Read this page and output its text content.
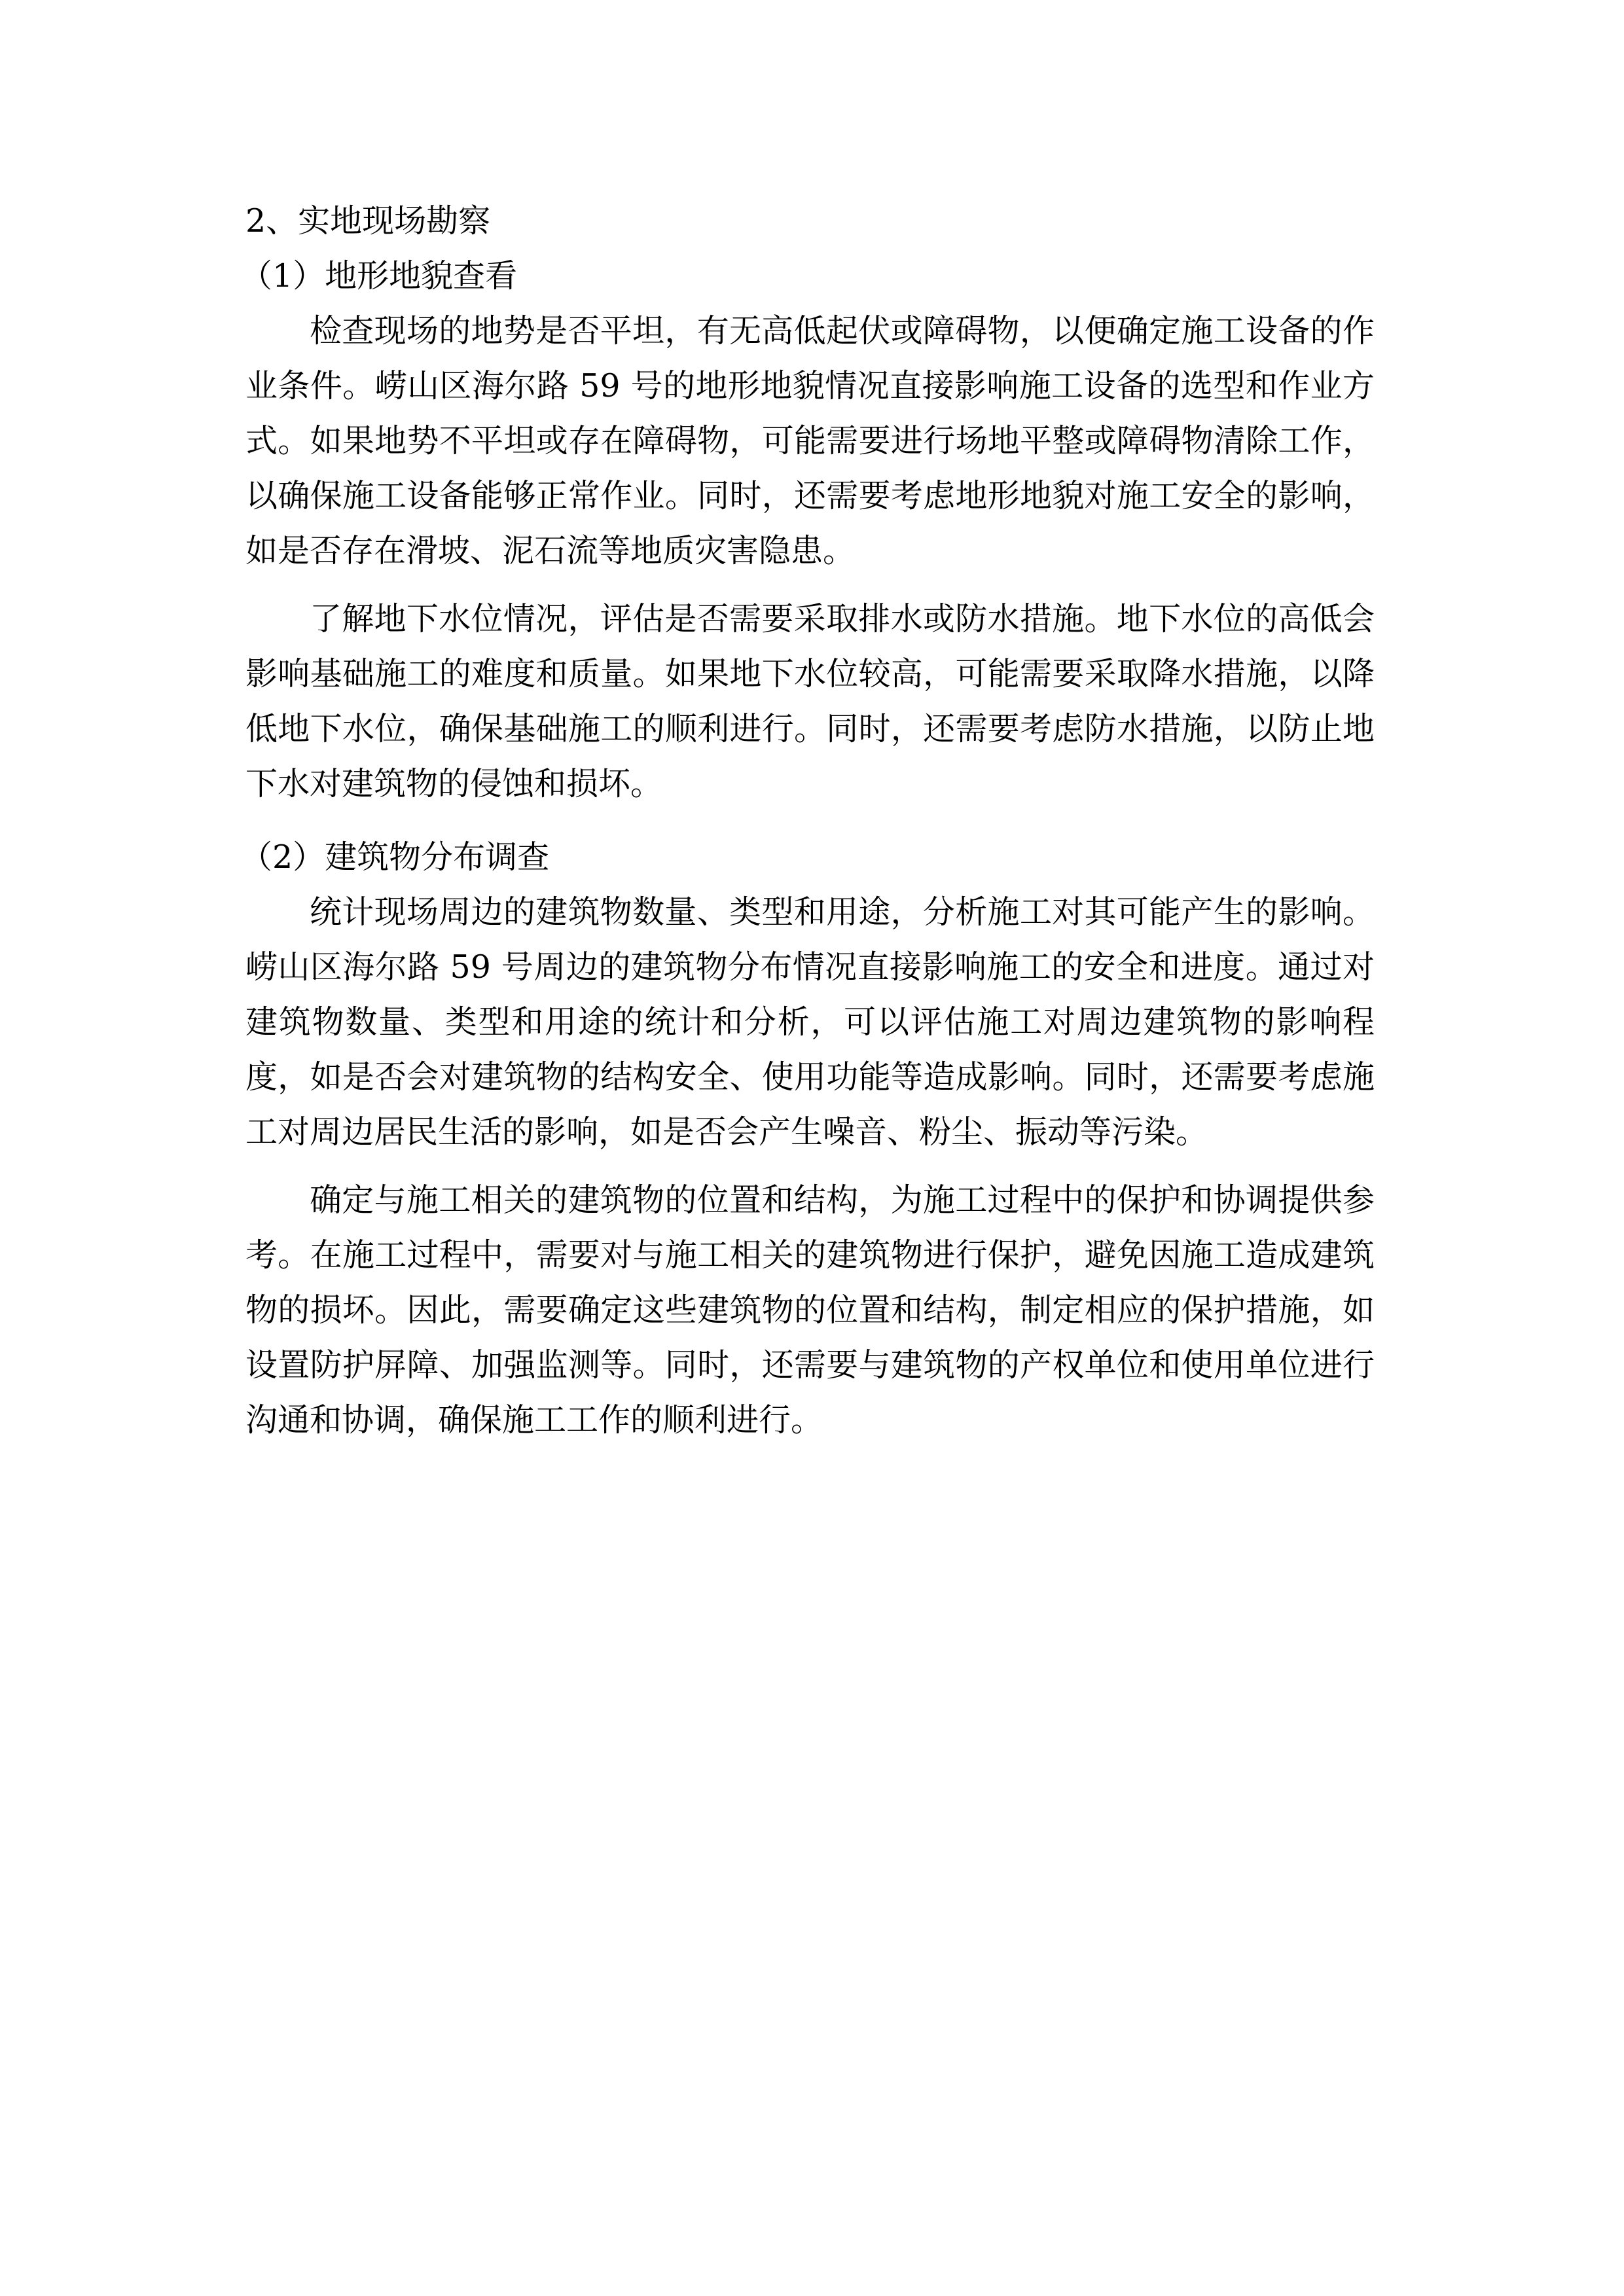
2、实地现场勘察

（1）地形地貌查看

检查现场的地势是否平坦，有无高低起伏或障碍物，以便确定施工设备的作业条件。崂山区海尔路 59 号的地形地貌情况直接影响施工设备的选型和作业方式。如果地势不平坦或存在障碍物，可能需要进行场地平整或障碍物清除工作，以确保施工设备能够正常作业。同时，还需要考虑地形地貌对施工安全的影响，如是否存在滑坡、泥石流等地质灾害隐患。

了解地下水位情况，评估是否需要采取排水或防水措施。地下水位的高低会影响基础施工的难度和质量。如果地下水位较高，可能需要采取降水措施，以降低地下水位，确保基础施工的顺利进行。同时，还需要考虑防水措施，以防止地下水对建筑物的侵蚀和损坏。

（2）建筑物分布调查

统计现场周边的建筑物数量、类型和用途，分析施工对其可能产生的影响。崂山区海尔路 59 号周边的建筑物分布情况直接影响施工的安全和进度。通过对建筑物数量、类型和用途的统计和分析，可以评估施工对周边建筑物的影响程度，如是否会对建筑物的结构安全、使用功能等造成影响。同时，还需要考虑施工对周边居民生活的影响，如是否会产生噪音、粉尘、振动等污染。

确定与施工相关的建筑物的位置和结构，为施工过程中的保护和协调提供参考。在施工过程中，需要对与施工相关的建筑物进行保护，避免因施工造成建筑物的损坏。因此，需要确定这些建筑物的位置和结构，制定相应的保护措施，如设置防护屏障、加强监测等。同时，还需要与建筑物的产权单位和使用单位进行沟通和协调，确保施工工作的顺利进行。
